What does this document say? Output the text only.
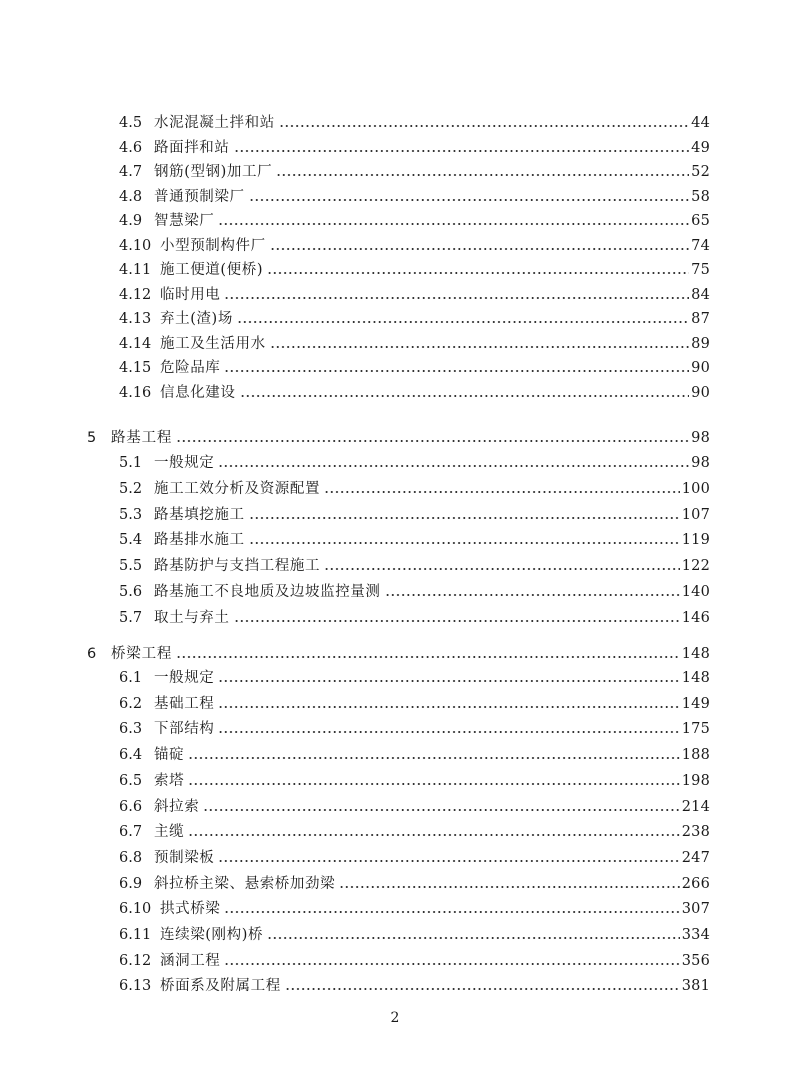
4.5 水泥混凝土拌和站	44
4.6 路面拌和站	49
4.7 钢筋(型钢)加工厂	52
4.8 普通预制梁厂	58
4.9 智慧梁厂	65
4.10 小型预制构件厂	74
4.11 施工便道(便桥)	75
4.12 临时用电	84
4.13 弃土(渣)场	87
4.14 施工及生活用水	89
4.15 危险品库	90
4.16 信息化建设	90
5	路基工程	98
5.1 一般规定	98
5.2 施工工效分析及资源配置	100
5.3 路基填挖施工	107
5.4 路基排水施工	119
5.5 路基防护与支挡工程施工	122
5.6 路基施工不良地质及边坡监控量测	140
5.7 取土与弃土	146
6	桥梁工程	148
6.1 一般规定	148
6.2 基础工程	149
6.3 下部结构	175
6.4 锚碇	188
6.5 索塔	198
6.6 斜拉索	214
6.7 主缆	238
6.8 预制梁板	247
6.9 斜拉桥主梁、悬索桥加劲梁	266
6.10 拱式桥梁	307
6.11 连续梁(刚构)桥	334
6.12 涵洞工程	356
6.13 桥面系及附属工程	381
2
